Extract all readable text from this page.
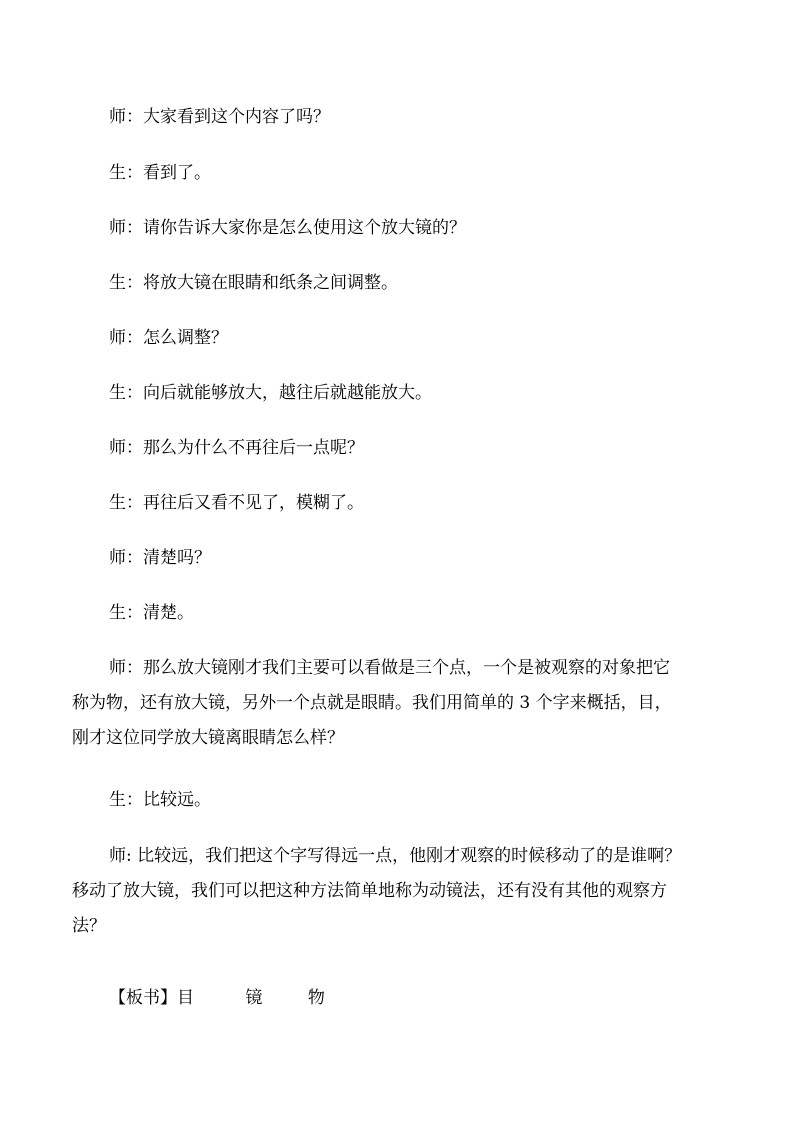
师：大家看到这个内容了吗？

生：看到了。

师：请你告诉大家你是怎么使用这个放大镜的？

生：将放大镜在眼睛和纸条之间调整。

师：怎么调整？

生：向后就能够放大，越往后就越能放大。

师：那么为什么不再往后一点呢？

生：再往后又看不见了，模糊了。

师：清楚吗？

生：清楚。

师：那么放大镜刚才我们主要可以看做是三个点，一个是被观察的对象把它
称为物，还有放大镜，另外一个点就是眼睛。我们用简单的 3 个字来概括，目，
刚才这位同学放大镜离眼睛怎么样？

生：比较远。

师: 比较远，我们把这个字写得远一点，他刚才观察的时候移动了的是谁啊？
移动了放大镜，我们可以把这种方法简单地称为动镜法，还有没有其他的观察方
法？
【板书】目	镜	物
